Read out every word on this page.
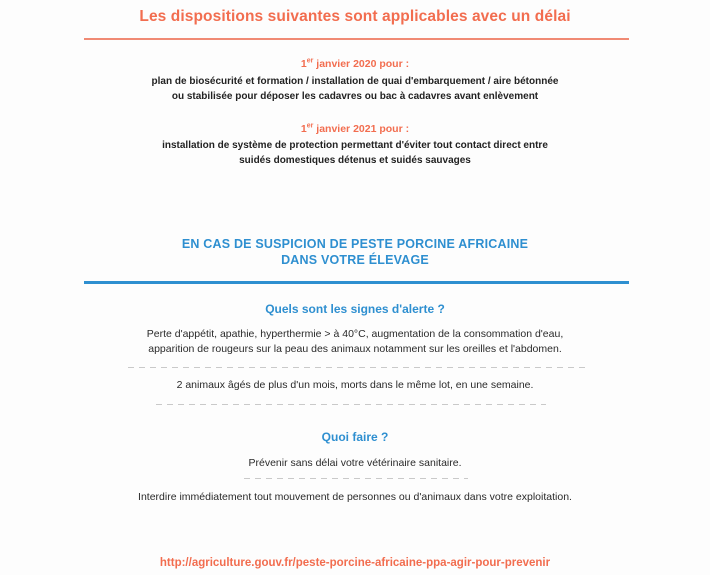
Les dispositions suivantes sont applicables avec un délai
1er janvier 2020 pour :
plan de biosécurité et formation / installation de quai d'embarquement / aire bétonnée
ou stabilisée pour déposer les cadavres ou bac à cadavres avant enlèvement
1er janvier 2021 pour :
installation de système de protection permettant d'éviter tout contact direct entre
suidés domestiques détenus et suidés sauvages
EN CAS DE SUSPICION DE PESTE PORCINE AFRICAINE
DANS VOTRE ÉLEVAGE
Quels sont les signes d'alerte ?
Perte d'appétit, apathie, hyperthermie > à 40°C, augmentation de la consommation d'eau,
apparition de rougeurs sur la peau des animaux notamment sur les oreilles et l'abdomen.
2 animaux âgés de plus d'un mois, morts dans le même lot, en une semaine.
Quoi faire ?
Prévenir sans délai votre vétérinaire sanitaire.
Interdire immédiatement tout mouvement de personnes ou d'animaux dans votre exploitation.
http://agriculture.gouv.fr/peste-porcine-africaine-ppa-agir-pour-prevenir
